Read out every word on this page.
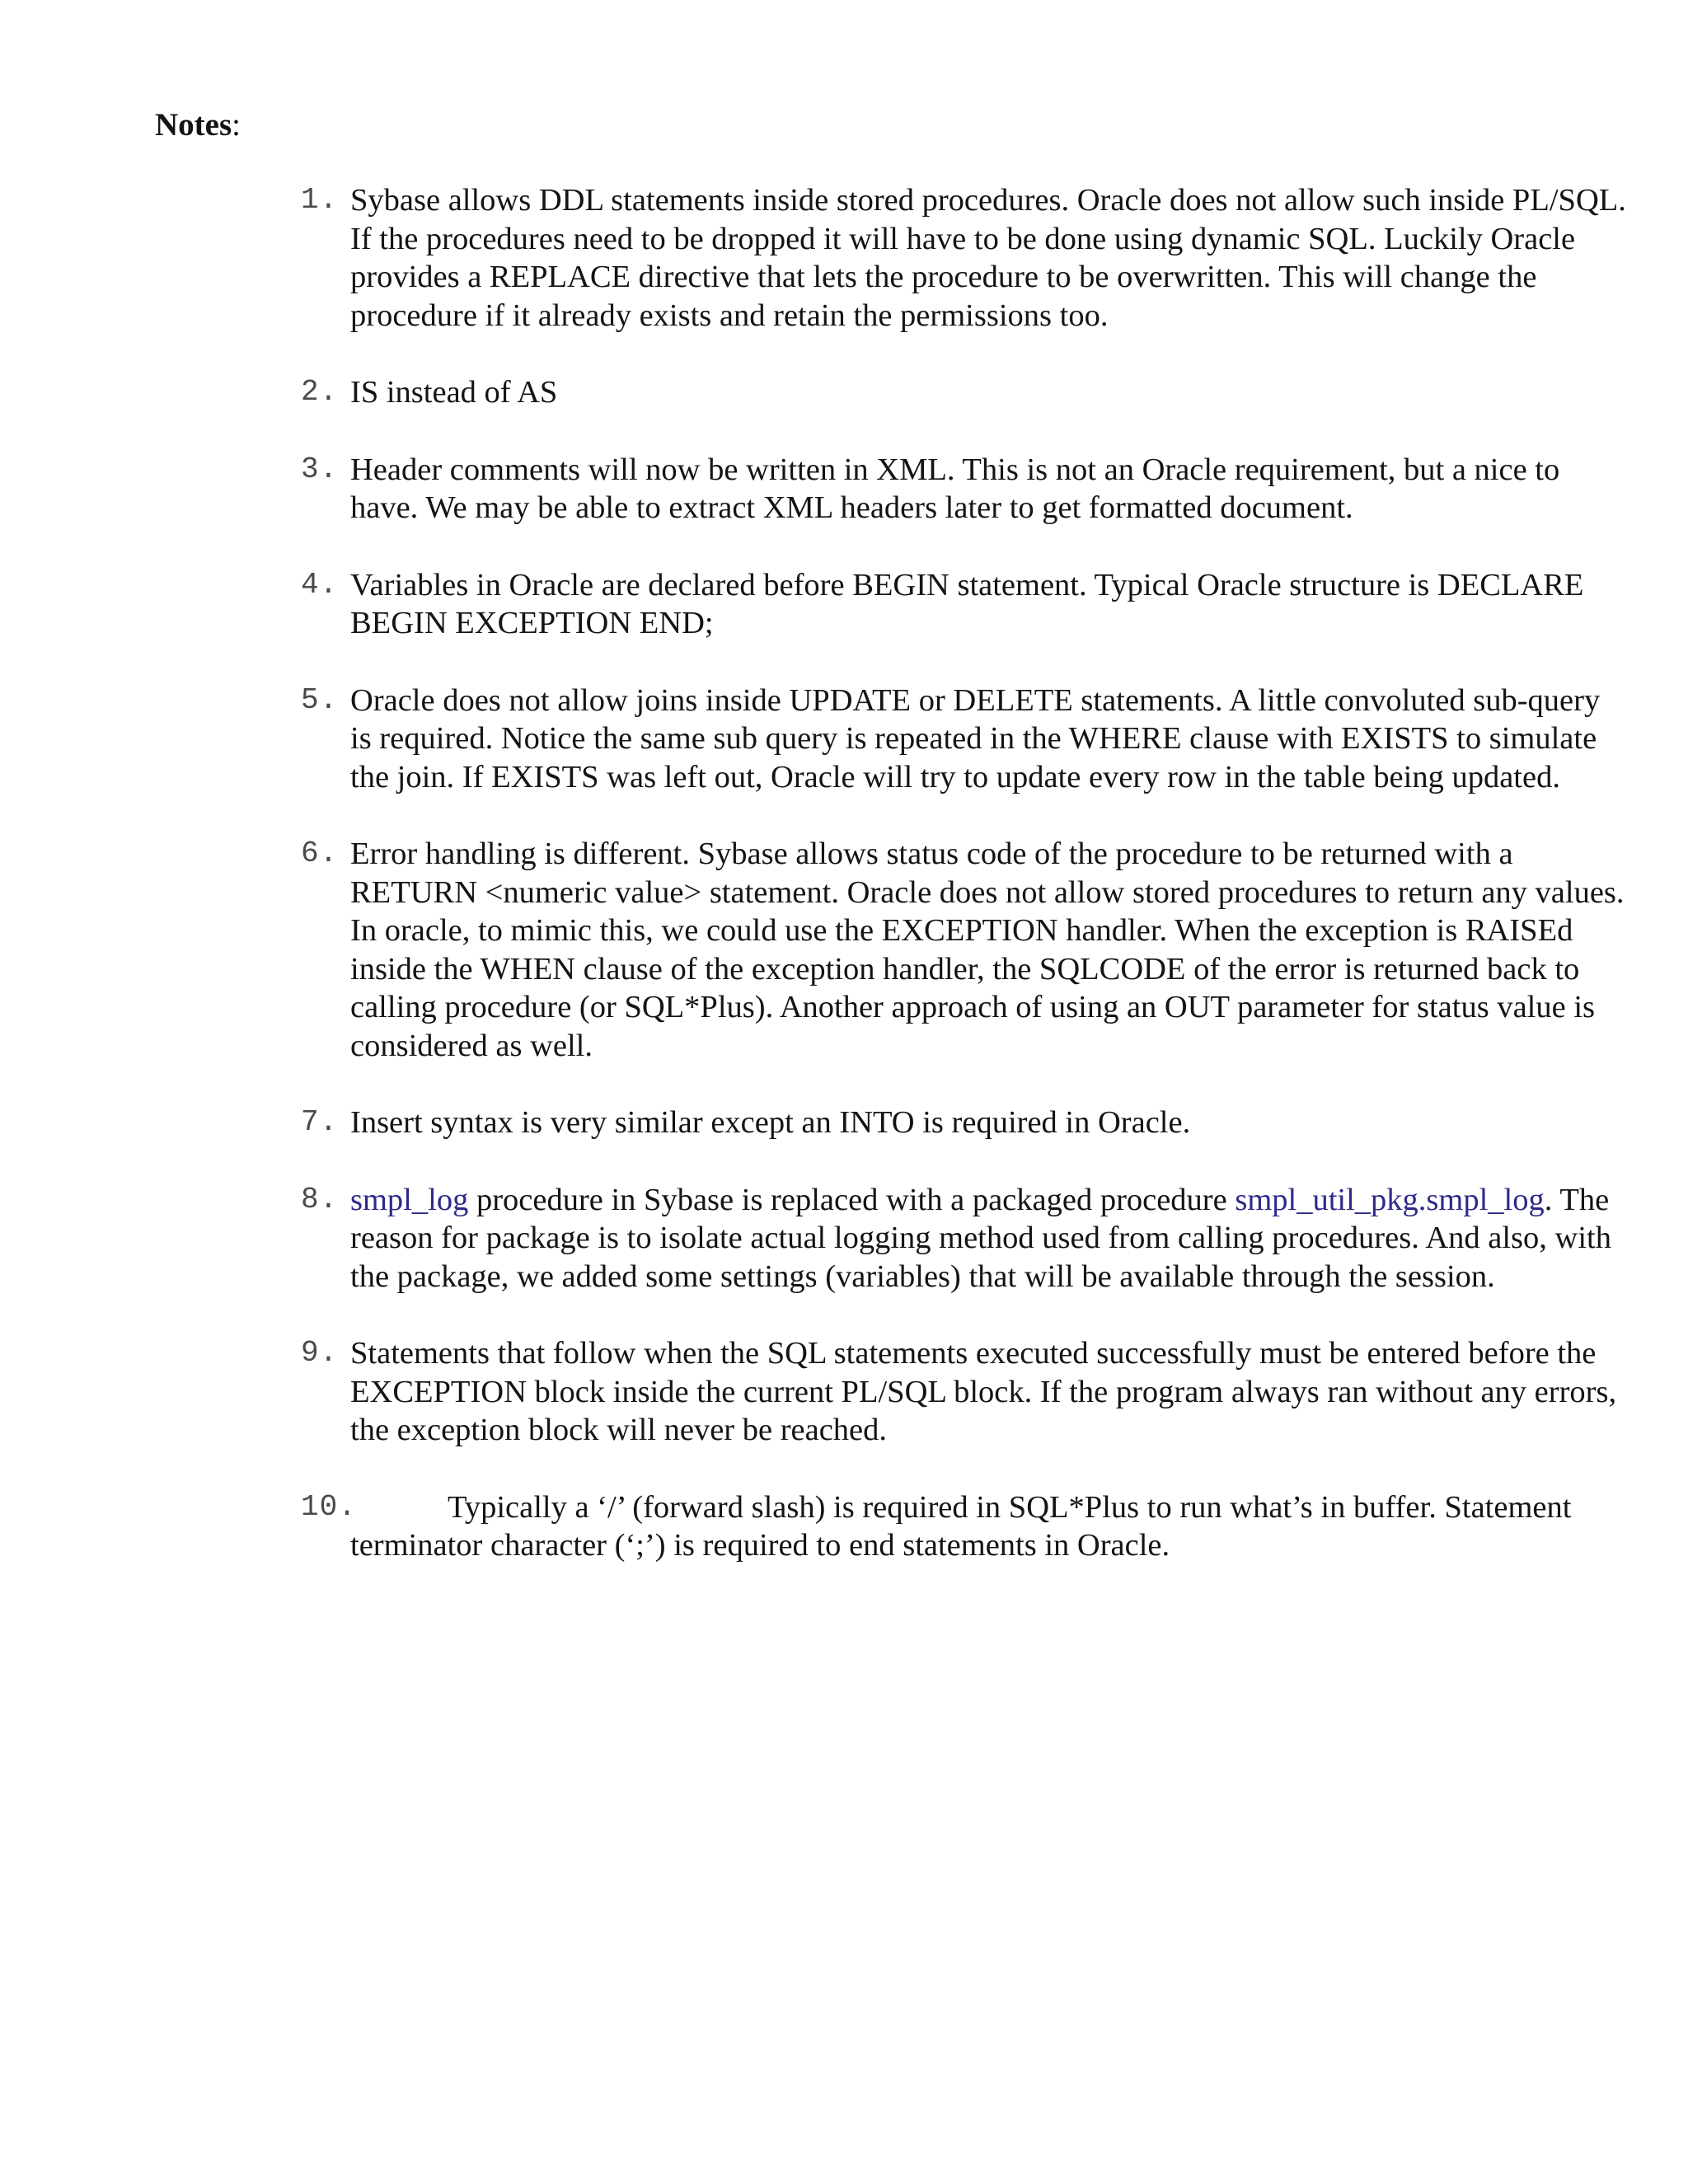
Notes:

1. Sybase allows DDL statements inside stored procedures. Oracle does not allow such inside PL/SQL. If the procedures need to be dropped it will have to be done using dynamic SQL. Luckily Oracle provides a REPLACE directive that lets the procedure to be overwritten. This will change the procedure if it already exists and retain the permissions too.
2. IS instead of AS
3. Header comments will now be written in XML. This is not an Oracle requirement, but a nice to have. We may be able to extract XML headers later to get formatted document.
4. Variables in Oracle are declared before BEGIN statement. Typical Oracle structure is DECLARE BEGIN EXCEPTION END;
5. Oracle does not allow joins inside UPDATE or DELETE statements. A little convoluted sub-query is required. Notice the same sub query is repeated in the WHERE clause with EXISTS to simulate the join. If EXISTS was left out, Oracle will try to update every row in the table being updated.
6. Error handling is different. Sybase allows status code of the procedure to be returned with a RETURN <numeric value> statement. Oracle does not allow stored procedures to return any values. In oracle, to mimic this, we could use the EXCEPTION handler. When the exception is RAISEd inside the WHEN clause of the exception handler, the SQLCODE of the error is returned back to calling procedure (or SQL*Plus). Another approach of using an OUT parameter for status value is considered as well.
7. Insert syntax is very similar except an INTO is required in Oracle.
8. smpl_log procedure in Sybase is replaced with a packaged procedure smpl_util_pkg.smpl_log. The reason for package is to isolate actual logging method used from calling procedures. And also, with the package, we added some settings (variables) that will be available through the session.
9. Statements that follow when the SQL statements executed successfully must be entered before the EXCEPTION block inside the current PL/SQL block. If the program always ran without any errors, the exception block will never be reached.
10.	Typically a ‘/’ (forward slash) is required in SQL*Plus to run what’s in buffer. Statement terminator character (‘;’) is required to end statements in Oracle.
